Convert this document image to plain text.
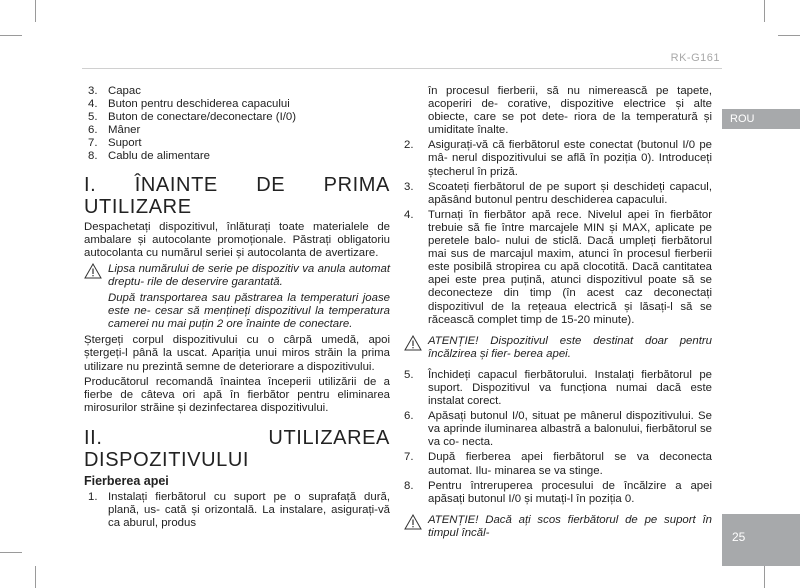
RK-G161
ROU
25
3. Capac
4. Buton pentru deschiderea capacului
5. Buton de conectare/deconectare (I/0)
6. Mâner
7. Suport
8. Cablu de alimentare
I. ÎNAINTE DE PRIMA UTILIZARE

Despachetați dispozitivul, înlăturați toate materialele de ambalare și autocolante promoționale. Păstrați obligatoriu autocolanta cu numărul seriei și autocolanta de avertizare.

Lipsa numărului de serie pe dispozitiv va anula automat dreptu- rile de deservire garantată.

După transportarea sau păstrarea la temperaturi joase este ne- cesar să mențineți dispozitivul la temperatura camerei nu mai puțin 2 ore înainte de conectare.

Ștergeți corpul dispozitivului cu o cârpă umedă, apoi ștergeți-l până la uscat. Apariția unui miros străin la prima utilizare nu prezintă semne de deteriorare a dispozitivului.

Producătorul recomandă înaintea începerii utilizării de a fierbe de câteva ori apă în fierbător pentru eliminarea mirosurilor străine și dezinfectarea dispozitivului.

II. UTILIZAREA DISPOZITIVULUI
Fierberea apei
1. Instalați fierbătorul cu suport pe o suprafață dură, plană, us- cată și orizontală. La instalare, asigurați-vă ca aburul, produs

în procesul fierberii, să nu nimerească pe tapete, acoperiri de- corative, dispozitive electrice și alte obiecte, care se pot dete- riora de la temperatură și umiditate înalte.

2. Asigurați-vă că fierbătorul este conectat (butonul I/0 pe mâ- nerul dispozitivului se află în poziția 0). Introduceți ștecherul în priză.
3. Scoateți fierbătorul de pe suport și deschideți capacul, apăsând butonul pentru deschiderea capacului.
4. Turnați în fierbător apă rece. Nivelul apei în fierbător trebuie să fie între marcajele MIN și MAX, aplicate pe peretele balo- nului de sticlă. Dacă umpleți fierbătorul mai sus de marcajul maxim, atunci în procesul fierberii este posibilă stropirea cu apă clocotită. Dacă cantitatea apei este prea puțină, atunci dispozitivul poate să se deconecteze din timp (în acest caz deconectați dispozitivul de la rețeaua electrică și lăsați-l să se răcească complet timp de 15-20 minute).
ATENȚIE! Dispozitivul este destinat doar pentru încălzirea și fier- berea apei.
5. Închideți capacul fierbătorului. Instalați fierbătorul pe suport. Dispozitivul va funcționa numai dacă este instalat corect.
6. Apăsați butonul I/0, situat pe mânerul dispozitivului. Se va aprinde iluminarea albastră a balonului, fierbătorul se va co- necta.
7. După fierberea apei fierbătorul se va deconecta automat. Ilu- minarea se va stinge.
8. Pentru întreruperea procesului de încălzire a apei apăsați butonul I/0 și mutați-l în poziția 0.
ATENȚIE! Dacă ați scos fierbătorul de pe suport în timpul încăl-
